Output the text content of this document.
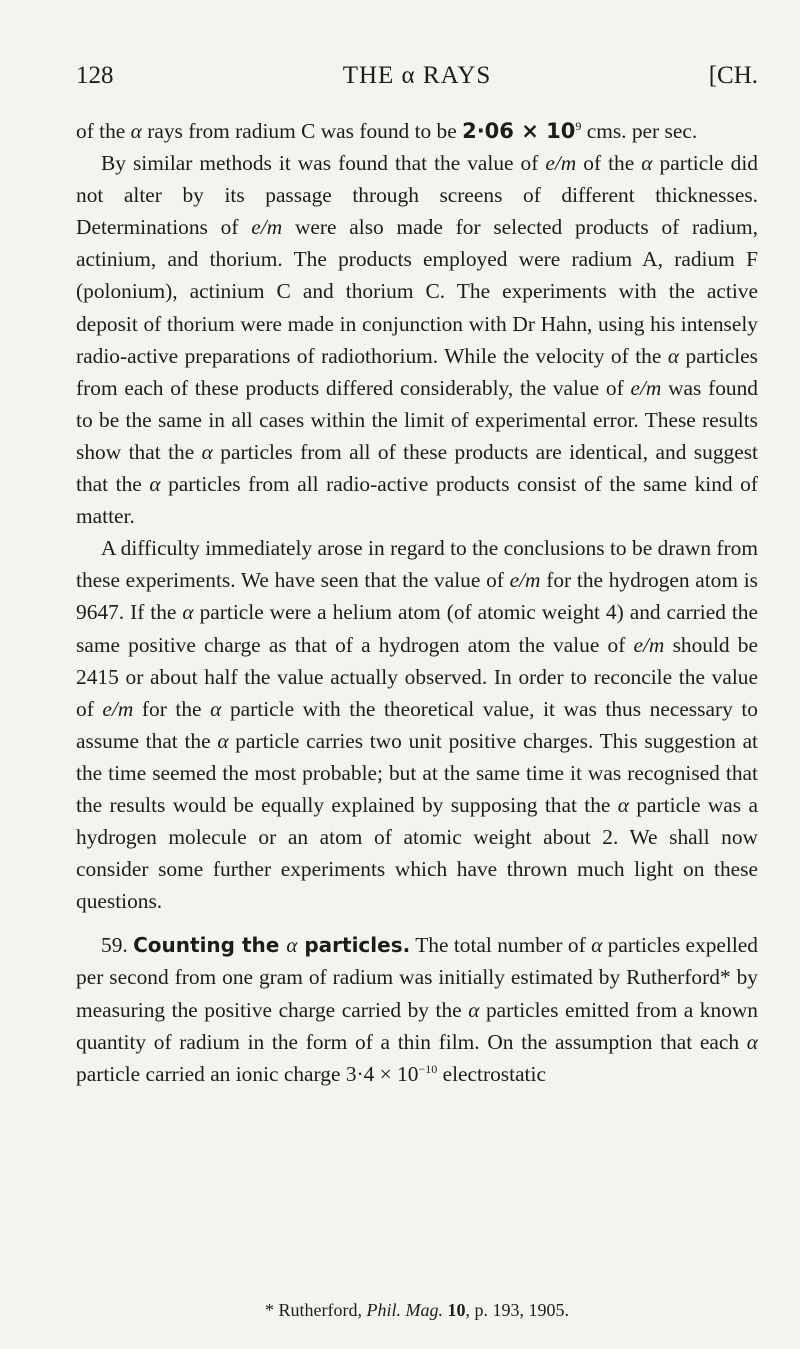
128	THE α RAYS	[CH.

of the α rays from radium C was found to be $2\cdot 06 \times 10^9$ cms. per sec.

By similar methods it was found that the value of e/m of the α particle did not alter by its passage through screens of different thicknesses. Determinations of e/m were also made for selected products of radium, actinium, and thorium. The products employed were radium A, radium F (polonium), actinium C and thorium C. The experiments with the active deposit of thorium were made in conjunction with Dr Hahn, using his intensely radio-active preparations of radiothorium. While the velocity of the α particles from each of these products differed considerably, the value of e/m was found to be the same in all cases within the limit of experimental error. These results show that the α particles from all of these products are identical, and suggest that the α particles from all radio-active products consist of the same kind of matter.

A difficulty immediately arose in regard to the conclusions to be drawn from these experiments. We have seen that the value of e/m for the hydrogen atom is 9647. If the α particle were a helium atom (of atomic weight 4) and carried the same positive charge as that of a hydrogen atom the value of e/m should be 2415 or about half the value actually observed. In order to reconcile the value of e/m for the α particle with the theoretical value, it was thus necessary to assume that the α particle carries two unit positive charges. This suggestion at the time seemed the most probable; but at the same time it was recognised that the results would be equally explained by supposing that the α particle was a hydrogen molecule or an atom of atomic weight about 2. We shall now consider some further experiments which have thrown much light on these questions.

59. Counting the α particles. The total number of α particles expelled per second from one gram of radium was initially estimated by Rutherford* by measuring the positive charge carried by the α particles emitted from a known quantity of radium in the form of a thin film. On the assumption that each α particle carried an ionic charge $3\cdot 4 \times 10^{-10}$ electrostatic

* Rutherford, Phil. Mag. 10, p. 193, 1905.
